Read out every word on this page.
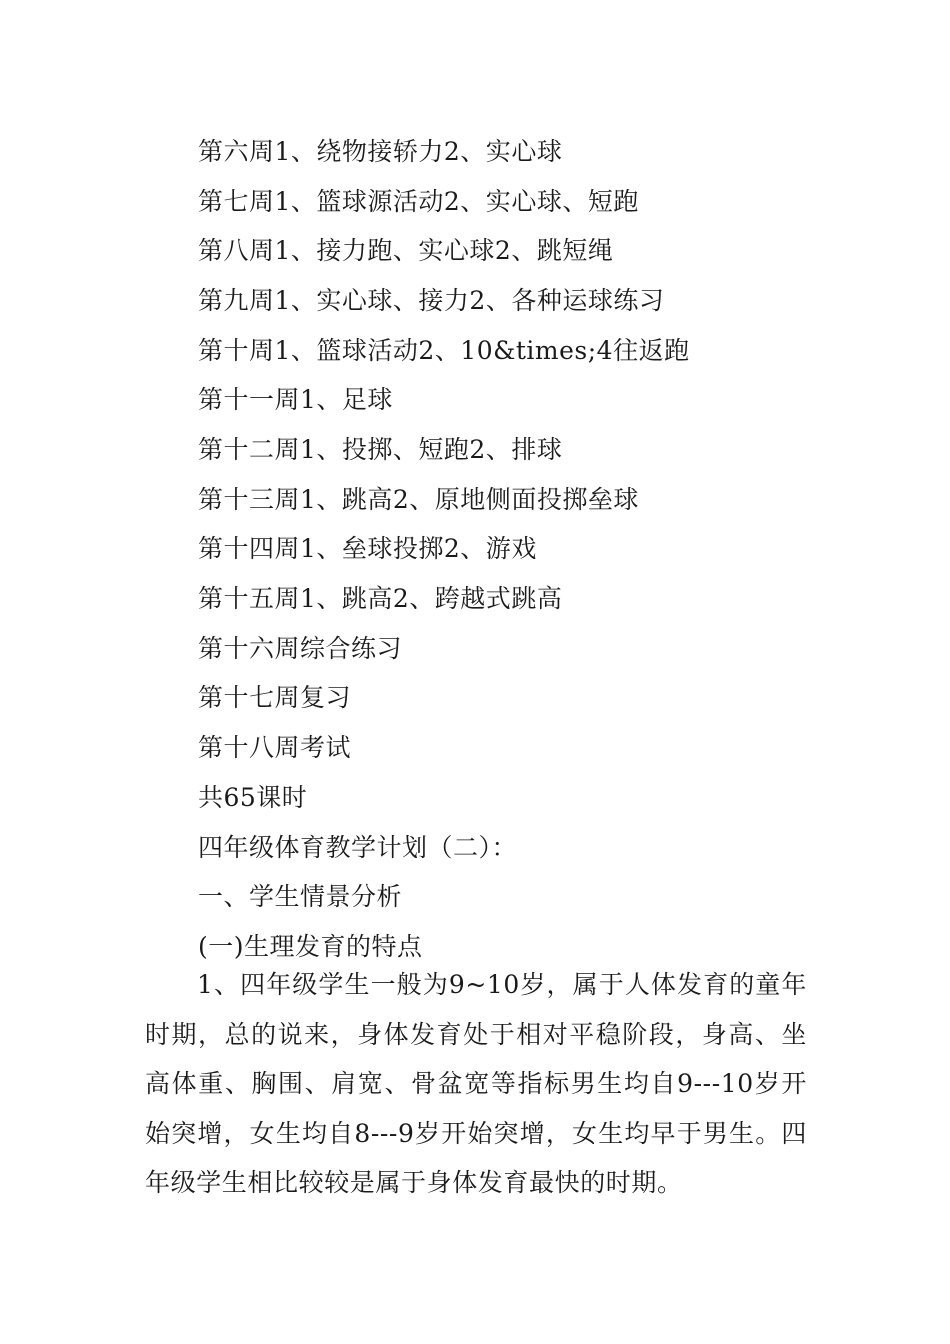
第六周1、绕物接轿力2、实心球
第七周1、篮球源活动2、实心球、短跑
第八周1、接力跑、实心球2、跳短绳
第九周1、实心球、接力2、各种运球练习
第十周1、篮球活动2、10&times;4往返跑
第十一周1、足球
第十二周1、投掷、短跑2、排球
第十三周1、跳高2、原地侧面投掷垒球
第十四周1、垒球投掷2、游戏
第十五周1、跳高2、跨越式跳高
第十六周综合练习
第十七周复习
第十八周考试
共65课时
四年级体育教学计划（二）：
一、学生情景分析
(一)生理发育的特点

1、四年级学生一般为9~10岁，属于人体发育的童年时期，总的说来，身体发育处于相对平稳阶段，身高、坐高体重、胸围、肩宽、骨盆宽等指标男生均自9---10岁开始突增，女生均自8---9岁开始突增，女生均早于男生。四年级学生相比较较是属于身体发育最快的时期。
